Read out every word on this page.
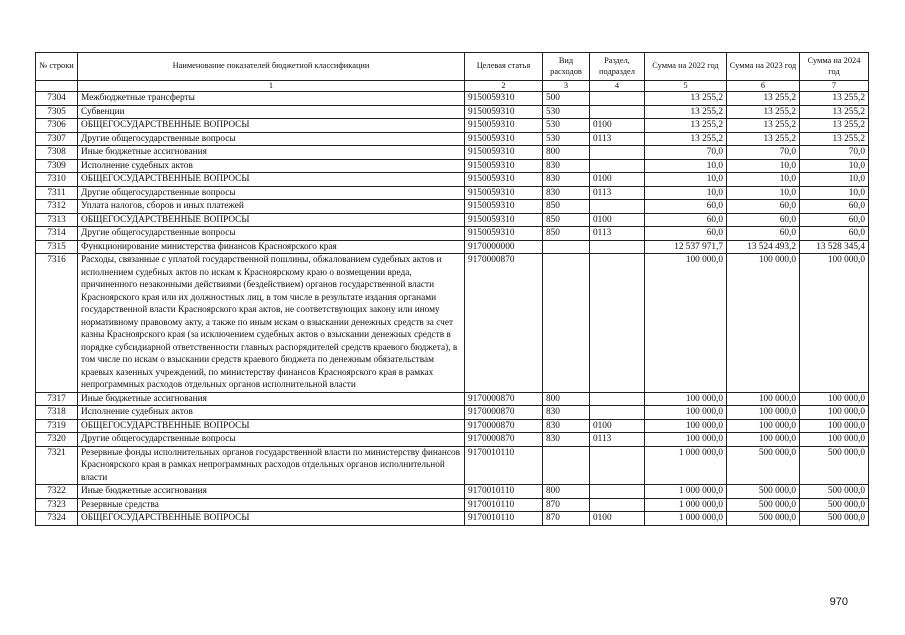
№ строки	Наименование показателей бюджетной классификации	Целевая статья	Вид расходов	Раздел, подраздел	Сумма на 2022 год	Сумма на 2023 год	Сумма на 2024 год
	1	2	3	4	5	6	7
7304	Межбюджетные трансферты	9150059310	500		13 255,2	13 255,2	13 255,2
7305	Субвенции	9150059310	530		13 255,2	13 255,2	13 255,2
7306	ОБЩЕГОСУДАРСТВЕННЫЕ ВОПРОСЫ	9150059310	530	0100	13 255,2	13 255,2	13 255,2
7307	Другие общегосударственные вопросы	9150059310	530	0113	13 255,2	13 255,2	13 255,2
7308	Иные бюджетные ассигнования	9150059310	800		70,0	70,0	70,0
7309	Исполнение судебных актов	9150059310	830		10,0	10,0	10,0
7310	ОБЩЕГОСУДАРСТВЕННЫЕ ВОПРОСЫ	9150059310	830	0100	10,0	10,0	10,0
7311	Другие общегосударственные вопросы	9150059310	830	0113	10,0	10,0	10,0
7312	Уплата налогов, сборов и иных платежей	9150059310	850		60,0	60,0	60,0
7313	ОБЩЕГОСУДАРСТВЕННЫЕ ВОПРОСЫ	9150059310	850	0100	60,0	60,0	60,0
7314	Другие общегосударственные вопросы	9150059310	850	0113	60,0	60,0	60,0
7315	Функционирование министерства финансов Красноярского края	9170000000			12 537 971,7	13 524 493,2	13 528 345,4
7316	Расходы, связанные с уплатой государственной пошлины, обжалованием судебных актов и исполнением судебных актов по искам к Красноярскому краю о возмещении вреда, причиненного незаконными действиями (бездействием) органов государственной власти Красноярского края или их должностных лиц, в том числе в результате издания органами государственной власти Красноярского края актов, не соответствующих закону или иному нормативному правовому акту, а также по иным искам о взыскании денежных средств за счет казны Красноярского края (за исключением судебных актов о взыскании денежных средств в порядке субсидиарной ответственности главных распорядителей средств краевого бюджета), в том числе по искам о взыскании средств краевого бюджета по денежным обязательствам краевых казенных учреждений, по министерству финансов Красноярского края в рамках непрограммных расходов отдельных органов исполнительной власти	9170000870			100 000,0	100 000,0	100 000,0
7317	Иные бюджетные ассигнования	9170000870	800		100 000,0	100 000,0	100 000,0
7318	Исполнение судебных актов	9170000870	830		100 000,0	100 000,0	100 000,0
7319	ОБЩЕГОСУДАРСТВЕННЫЕ ВОПРОСЫ	9170000870	830	0100	100 000,0	100 000,0	100 000,0
7320	Другие общегосударственные вопросы	9170000870	830	0113	100 000,0	100 000,0	100 000,0
7321	Резервные фонды исполнительных органов государственной власти по министерству финансов Красноярского края в рамках непрограммных расходов отдельных органов исполнительной власти	9170010110			1 000 000,0	500 000,0	500 000,0
7322	Иные бюджетные ассигнования	9170010110	800		1 000 000,0	500 000,0	500 000,0
7323	Резервные средства	9170010110	870		1 000 000,0	500 000,0	500 000,0
7324	ОБЩЕГОСУДАРСТВЕННЫЕ ВОПРОСЫ	9170010110	870	0100	1 000 000,0	500 000,0	500 000,0
970
